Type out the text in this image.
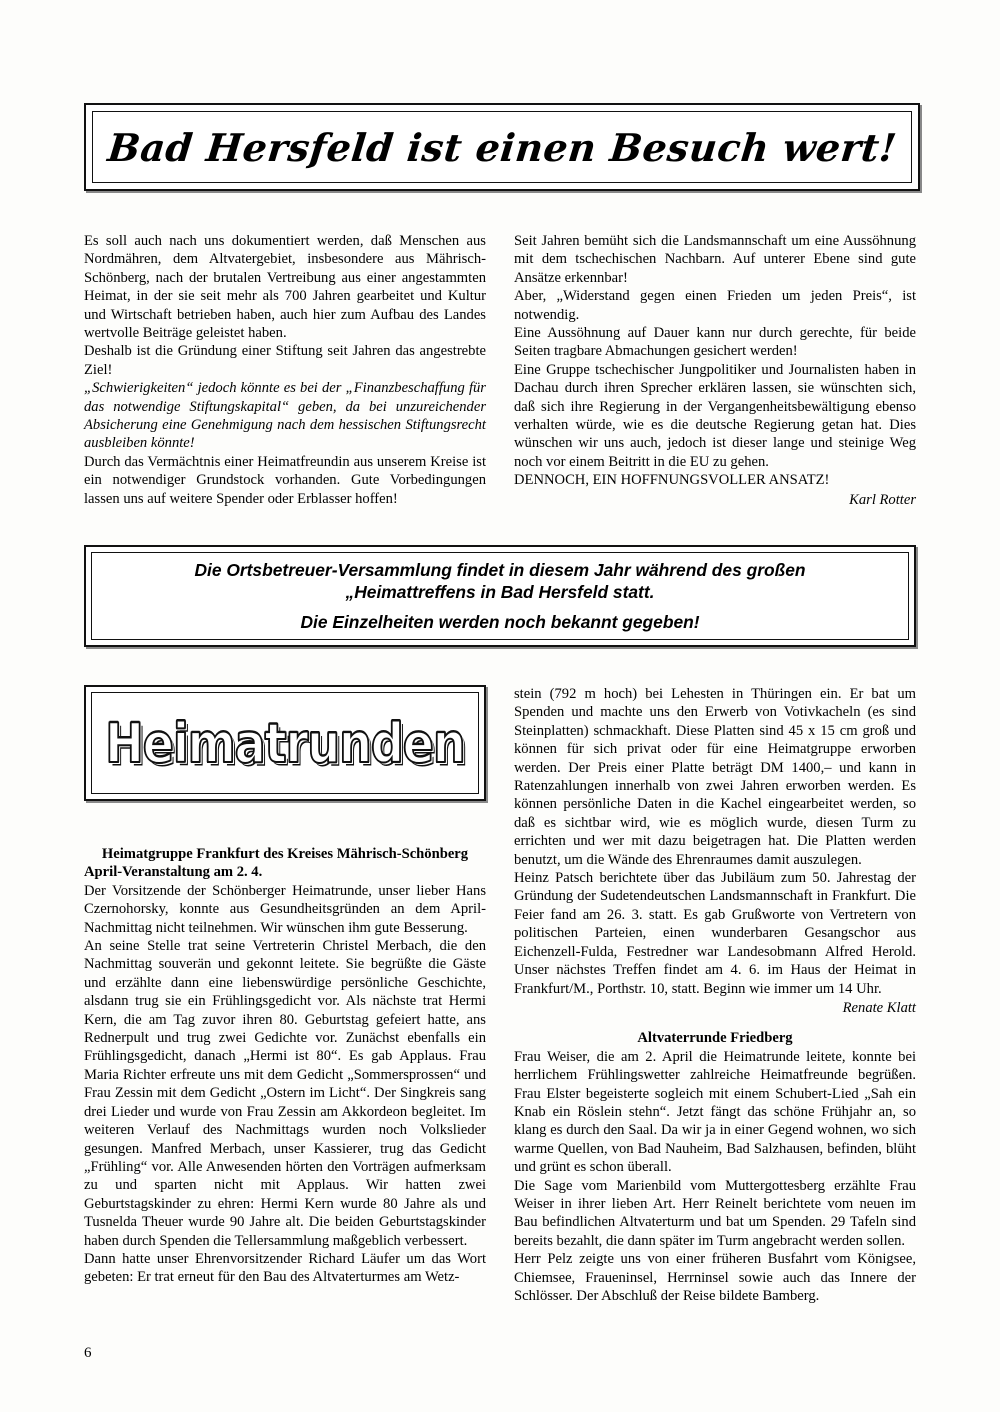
Bad Hersfeld ist einen Besuch wert!

Es soll auch nach uns dokumentiert werden, daß Menschen aus Nordmähren, dem Altvatergebiet, insbesondere aus Mährisch-Schönberg, nach der brutalen Vertreibung aus einer angestammten Heimat, in der sie seit mehr als 700 Jahren gearbeitet und Kultur und Wirtschaft betrieben haben, auch hier zum Aufbau des Landes wertvolle Beiträge geleistet haben.

Deshalb ist die Gründung einer Stiftung seit Jahren das angestrebte Ziel!

„Schwierigkeiten“ jedoch könnte es bei der „Finanzbeschaffung für das notwendige Stiftungskapital“ geben, da bei unzureichender Absicherung eine Genehmigung nach dem hessischen Stiftungsrecht ausbleiben könnte!

Durch das Vermächtnis einer Heimatfreundin aus unserem Kreise ist ein notwendiger Grundstock vorhanden. Gute Vorbedingungen lassen uns auf weitere Spender oder Erblasser hoffen!

Seit Jahren bemüht sich die Landsmannschaft um eine Aussöhnung mit dem tschechischen Nachbarn. Auf unterer Ebene sind gute Ansätze erkennbar!

Aber, „Widerstand gegen einen Frieden um jeden Preis“, ist notwendig.

Eine Aussöhnung auf Dauer kann nur durch gerechte, für beide Seiten tragbare Abmachungen gesichert werden!

Eine Gruppe tschechischer Jungpolitiker und Journalisten haben in Dachau durch ihren Sprecher erklären lassen, sie wünschten sich, daß sich ihre Regierung in der Vergangenheitsbewältigung ebenso verhalten würde, wie es die deutsche Regierung getan hat. Dies wünschen wir uns auch, jedoch ist dieser lange und steinige Weg noch vor einem Beitritt in die EU zu gehen.

DENNOCH, EIN HOFFNUNGSVOLLER ANSATZ!

Karl Rotter
Die Ortsbetreuer-Versammlung findet in diesem Jahr während des großen
„Heimattreffens in Bad Hersfeld statt.
Die Einzelheiten werden noch bekannt gegeben!
Heimatrunden

Heimatgruppe Frankfurt des Kreises Mährisch-Schönberg

April-Veranstaltung am 2. 4.

Der Vorsitzende der Schönberger Heimatrunde, unser lieber Hans Czernohorsky, konnte aus Gesundheitsgründen an dem April-Nachmittag nicht teilnehmen. Wir wünschen ihm gute Besserung.

An seine Stelle trat seine Vertreterin Christel Merbach, die den Nachmittag souverän und gekonnt leitete. Sie begrüßte die Gäste und erzählte dann eine liebenswürdige persönliche Geschichte, alsdann trug sie ein Frühlingsgedicht vor. Als nächste trat Hermi Kern, die am Tag zuvor ihren 80. Geburtstag gefeiert hatte, ans Rednerpult und trug zwei Gedichte vor. Zunächst ebenfalls ein Frühlingsgedicht, danach „Hermi ist 80“. Es gab Applaus. Frau Maria Richter erfreute uns mit dem Gedicht „Sommersprossen“ und Frau Zessin mit dem Gedicht „Ostern im Licht“. Der Singkreis sang drei Lieder und wurde von Frau Zessin am Akkordeon begleitet. Im weiteren Verlauf des Nachmittags wurden noch Volkslieder gesungen. Manfred Merbach, unser Kassierer, trug das Gedicht „Frühling“ vor. Alle Anwesenden hörten den Vorträgen aufmerksam zu und sparten nicht mit Applaus. Wir hatten zwei Geburtstagskinder zu ehren: Hermi Kern wurde 80 Jahre als und Tusnelda Theuer wurde 90 Jahre alt. Die beiden Geburtstagskinder haben durch Spenden die Tellersammlung maßgeblich verbessert.

Dann hatte unser Ehrenvorsitzender Richard Läufer um das Wort gebeten: Er trat erneut für den Bau des Altvaterturmes am Wetz-

stein (792 m hoch) bei Lehesten in Thüringen ein. Er bat um Spenden und machte uns den Erwerb von Votivkacheln (es sind Steinplatten) schmackhaft. Diese Platten sind 45 x 15 cm groß und können für sich privat oder für eine Heimatgruppe erworben werden. Der Preis einer Platte beträgt DM 1400,– und kann in Ratenzahlungen innerhalb von zwei Jahren erworben werden. Es können persönliche Daten in die Kachel eingearbeitet werden, so daß es sichtbar wird, wie es möglich wurde, diesen Turm zu errichten und wer mit dazu beigetragen hat. Die Platten werden benutzt, um die Wände des Ehrenraumes damit auszulegen.

Heinz Patsch berichtete über das Jubiläum zum 50. Jahrestag der Gründung der Sudetendeutschen Landsmannschaft in Frankfurt. Die Feier fand am 26. 3. statt. Es gab Grußworte von Vertretern von politischen Parteien, einen wunderbaren Gesangschor aus Eichenzell-Fulda, Festredner war Landesobmann Alfred Herold. Unser nächstes Treffen findet am 4. 6. im Haus der Heimat in Frankfurt/M., Porthstr. 10, statt. Beginn wie immer um 14 Uhr.

Renate Klatt

Altvaterrunde Friedberg

Frau Weiser, die am 2. April die Heimatrunde leitete, konnte bei herrlichem Frühlingswetter zahlreiche Heimatfreunde begrüßen. Frau Elster begeisterte sogleich mit einem Schubert-Lied „Sah ein Knab ein Röslein stehn“. Jetzt fängt das schöne Frühjahr an, so klang es durch den Saal. Da wir ja in einer Gegend wohnen, wo sich warme Quellen, von Bad Nauheim, Bad Salzhausen, befinden, blüht und grünt es schon überall.

Die Sage vom Marienbild vom Muttergottesberg erzählte Frau Weiser in ihrer lieben Art. Herr Reinelt berichtete vom neuen im Bau befindlichen Altvaterturm und bat um Spenden. 29 Tafeln sind bereits bezahlt, die dann später im Turm angebracht werden sollen.

Herr Pelz zeigte uns von einer früheren Busfahrt vom Königsee, Chiemsee, Fraueninsel, Herrninsel sowie auch das Innere der Schlösser. Der Abschluß der Reise bildete Bamberg.

6
